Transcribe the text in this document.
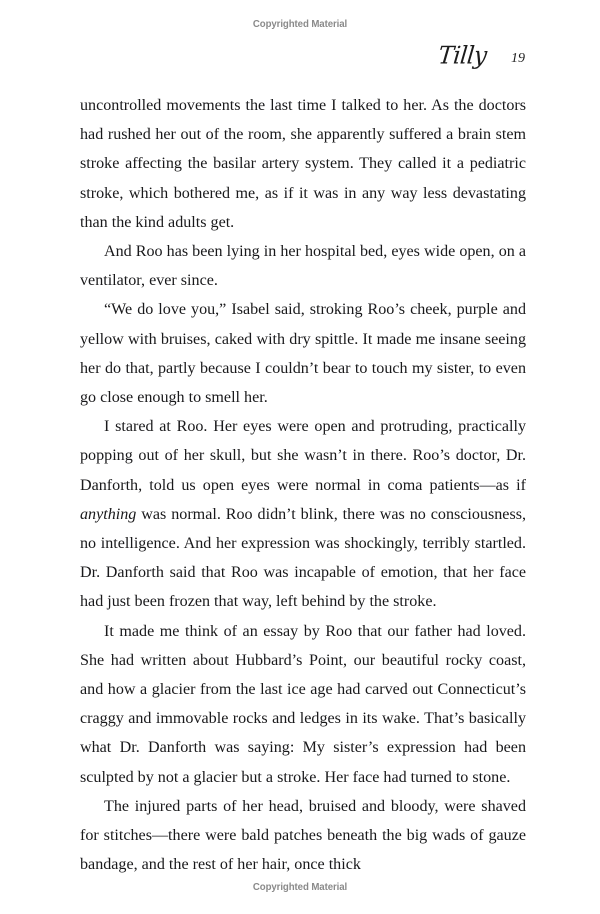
Copyrighted Material
Tilly	19

uncontrolled movements the last time I talked to her. As the doctors had rushed her out of the room, she apparently suffered a brain stem stroke affecting the basilar artery system. They called it a pediatric stroke, which bothered me, as if it was in any way less devastating than the kind adults get.

And Roo has been lying in her hospital bed, eyes wide open, on a ventilator, ever since.

“We do love you,” Isabel said, stroking Roo’s cheek, purple and yellow with bruises, caked with dry spittle. It made me insane seeing her do that, partly because I couldn’t bear to touch my sister, to even go close enough to smell her.

I stared at Roo. Her eyes were open and protruding, practically popping out of her skull, but she wasn’t in there. Roo’s doctor, Dr. Danforth, told us open eyes were normal in coma patients—as if anything was normal. Roo didn’t blink, there was no consciousness, no intelligence. And her expression was shockingly, terribly startled. Dr. Danforth said that Roo was incapable of emotion, that her face had just been frozen that way, left behind by the stroke.

It made me think of an essay by Roo that our father had loved. She had written about Hubbard’s Point, our beautiful rocky coast, and how a glacier from the last ice age had carved out Connecticut’s craggy and immovable rocks and ledges in its wake. That’s basically what Dr. Danforth was saying: My sister’s expression had been sculpted by not a glacier but a stroke. Her face had turned to stone.

The injured parts of her head, bruised and bloody, were shaved for stitches—there were bald patches beneath the big wads of gauze bandage, and the rest of her hair, once thick

Copyrighted Material
